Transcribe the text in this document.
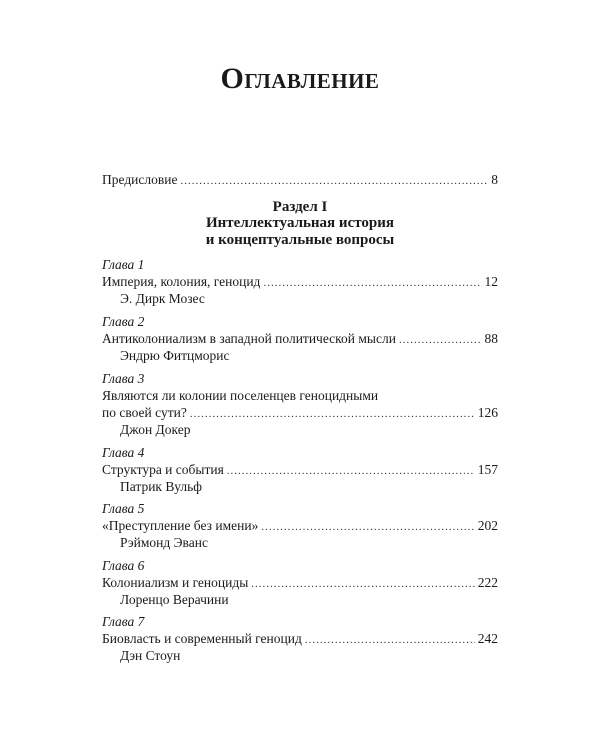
Оглавление
Предисловие .....	8
Раздел I
Интеллектуальная история
и концептуальные вопросы
Глава 1
Империя, колония, геноцид .....	12
Э. Дирк Мозес
Глава 2
Антиколониализм в западной политической мысли .....	88
Эндрю Фитцморис
Глава 3
Являются ли колонии поселенцев геноцидными
по своей сути? .....	126
Джон Докер
Глава 4
Структура и события .....	157
Патрик Вульф
Глава 5
«Преступление без имени» .....	202
Рэймонд Эванс
Глава 6
Колониализм и геноциды .....	222
Лоренцо Верачини
Глава 7
Биовласть и современный геноцид .....	242
Дэн Стоун
